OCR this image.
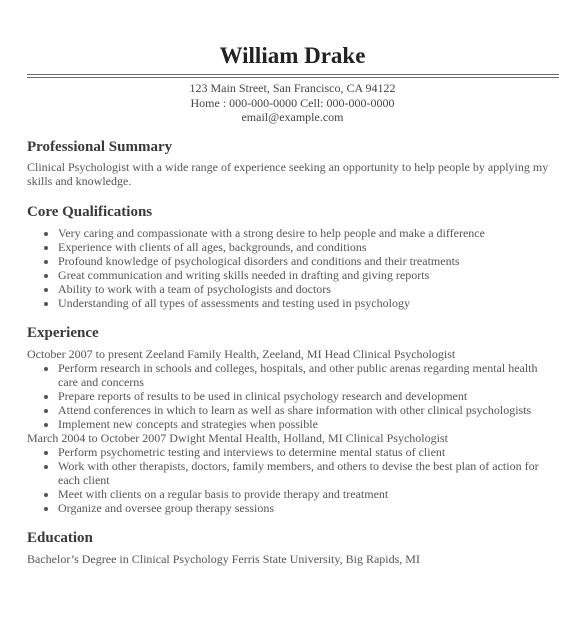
William Drake
123 Main Street, San Francisco, CA 94122
Home : 000-000-0000 Cell: 000-000-0000
email@example.com
Professional Summary
Clinical Psychologist with a wide range of experience seeking an opportunity to help people by applying my skills and knowledge.
Core Qualifications
• Very caring and compassionate with a strong desire to help people and make a difference
• Experience with clients of all ages, backgrounds, and conditions
• Profound knowledge of psychological disorders and conditions and their treatments
• Great communication and writing skills needed in drafting and giving reports
• Ability to work with a team of psychologists and doctors
• Understanding of all types of assessments and testing used in psychology
Experience
October 2007 to present Zeeland Family Health, Zeeland, MI Head Clinical Psychologist
• Perform research in schools and colleges, hospitals, and other public arenas regarding mental health care and concerns
• Prepare reports of results to be used in clinical psychology research and development
• Attend conferences in which to learn as well as share information with other clinical psychologists
• Implement new concepts and strategies when possible
March 2004 to October 2007 Dwight Mental Health, Holland, MI Clinical Psychologist
• Perform psychometric testing and interviews to determine mental status of client
• Work with other therapists, doctors, family members, and others to devise the best plan of action for each client
• Meet with clients on a regular basis to provide therapy and treatment
• Organize and oversee group therapy sessions
Education
Bachelor’s Degree in Clinical Psychology Ferris State University, Big Rapids, MI
